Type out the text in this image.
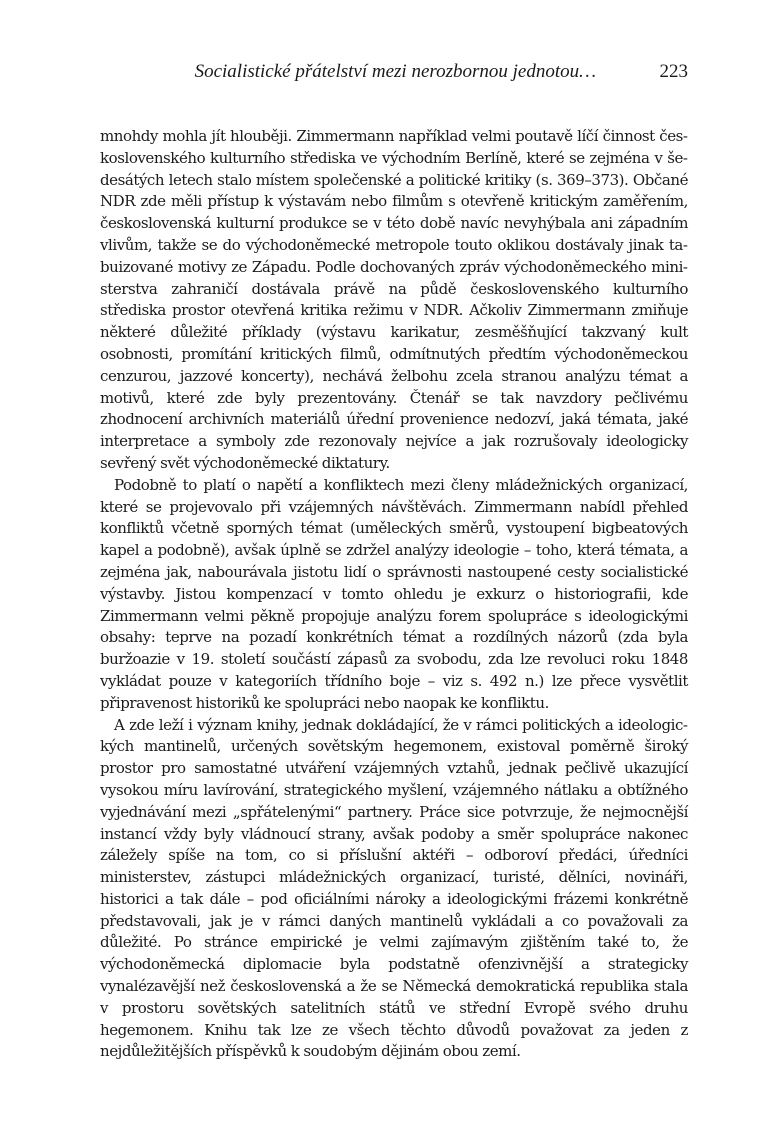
Socialistické přátelství mezi nerozbornou jednotou…	223

mnohdy mohla jít hlouběji. Zimmermann například velmi poutavě líčí činnost československého kulturního střediska ve východním Berlíně, které se zejména v šedesátých letech stalo místem společenské a politické kritiky (s. 369–373). Občané NDR zde měli přístup k výstavám nebo filmům s otevřeně kritickým zaměřením, československá kulturní produkce se v této době navíc nevyhýbala ani západním vlivům, takže se do východoněmecké metropole touto oklikou dostávaly jinak tabuizované motivy ze Západu. Podle dochovaných zpráv východoněmeckého ministerstva zahraničí dostávala právě na půdě československého kulturního střediska prostor otevřená kritika režimu v NDR. Ačkoliv Zimmermann zmiňuje některé důležité příklady (výstavu karikatur, zesměšňující takzvaný kult osobnosti, promítání kritických filmů, odmítnutých předtím východoněmeckou cenzurou, jazzové koncerty), nechává želbohu zcela stranou analýzu témat a motivů, které zde byly prezentovány. Čtenář se tak navzdory pečlivému zhodnocení archivních materiálů úřední provenience nedozví, jaká témata, jaké interpretace a symboly zde rezonovaly nejvíce a jak rozrušovaly ideologicky sevřený svět východoněmecké diktatury.

Podobně to platí o napětí a konfliktech mezi členy mládežnických organizací, které se projevovalo při vzájemných návštěvách. Zimmermann nabídl přehled konfliktů včetně sporných témat (uměleckých směrů, vystoupení bigbeatových kapel a podobně), avšak úplně se zdržel analýzy ideologie – toho, která témata, a zejména jak, nabourávala jistotu lidí o správnosti nastoupené cesty socialistické výstavby. Jistou kompenzací v tomto ohledu je exkurz o historiografii, kde Zimmermann velmi pěkně propojuje analýzu forem spolupráce s ideologickými obsahy: teprve na pozadí konkrétních témat a rozdílných názorů (zda byla buržoazie v 19. století součástí zápasů za svobodu, zda lze revoluci roku 1848 vykládat pouze v kategoriích třídního boje – viz s. 492 n.) lze přece vysvětlit připravenost historiků ke spolupráci nebo naopak ke konfliktu.

A zde leží i význam knihy, jednak dokládající, že v rámci politických a ideologických mantinelů, určených sovětským hegemonem, existoval poměrně široký prostor pro samostatné utváření vzájemných vztahů, jednak pečlivě ukazující vysokou míru lavírování, strategického myšlení, vzájemného nátlaku a obtížného vyjednávání mezi „spřátelenými“ partnery. Práce sice potvrzuje, že nejmocnější instancí vždy byly vládnoucí strany, avšak podoby a směr spolupráce nakonec záležely spíše na tom, co si příslušní aktéři – odboroví předáci, úředníci ministerstev, zástupci mládežnických organizací, turisté, dělníci, novináři, historici a tak dále – pod oficiálními nároky a ideologickými frázemi konkrétně představovali, jak je v rámci daných mantinelů vykládali a co považovali za důležité. Po stránce empirické je velmi zajímavým zjištěním také to, že východoněmecká diplomacie byla podstatně ofenzivnější a strategicky vynalézavější než československá a že se Německá demokratická republika stala v prostoru sovětských satelitních států ve střední Evropě svého druhu hegemonem. Knihu tak lze ze všech těchto důvodů považovat za jeden z nejdůležitějších příspěvků k soudobým dějinám obou zemí.
